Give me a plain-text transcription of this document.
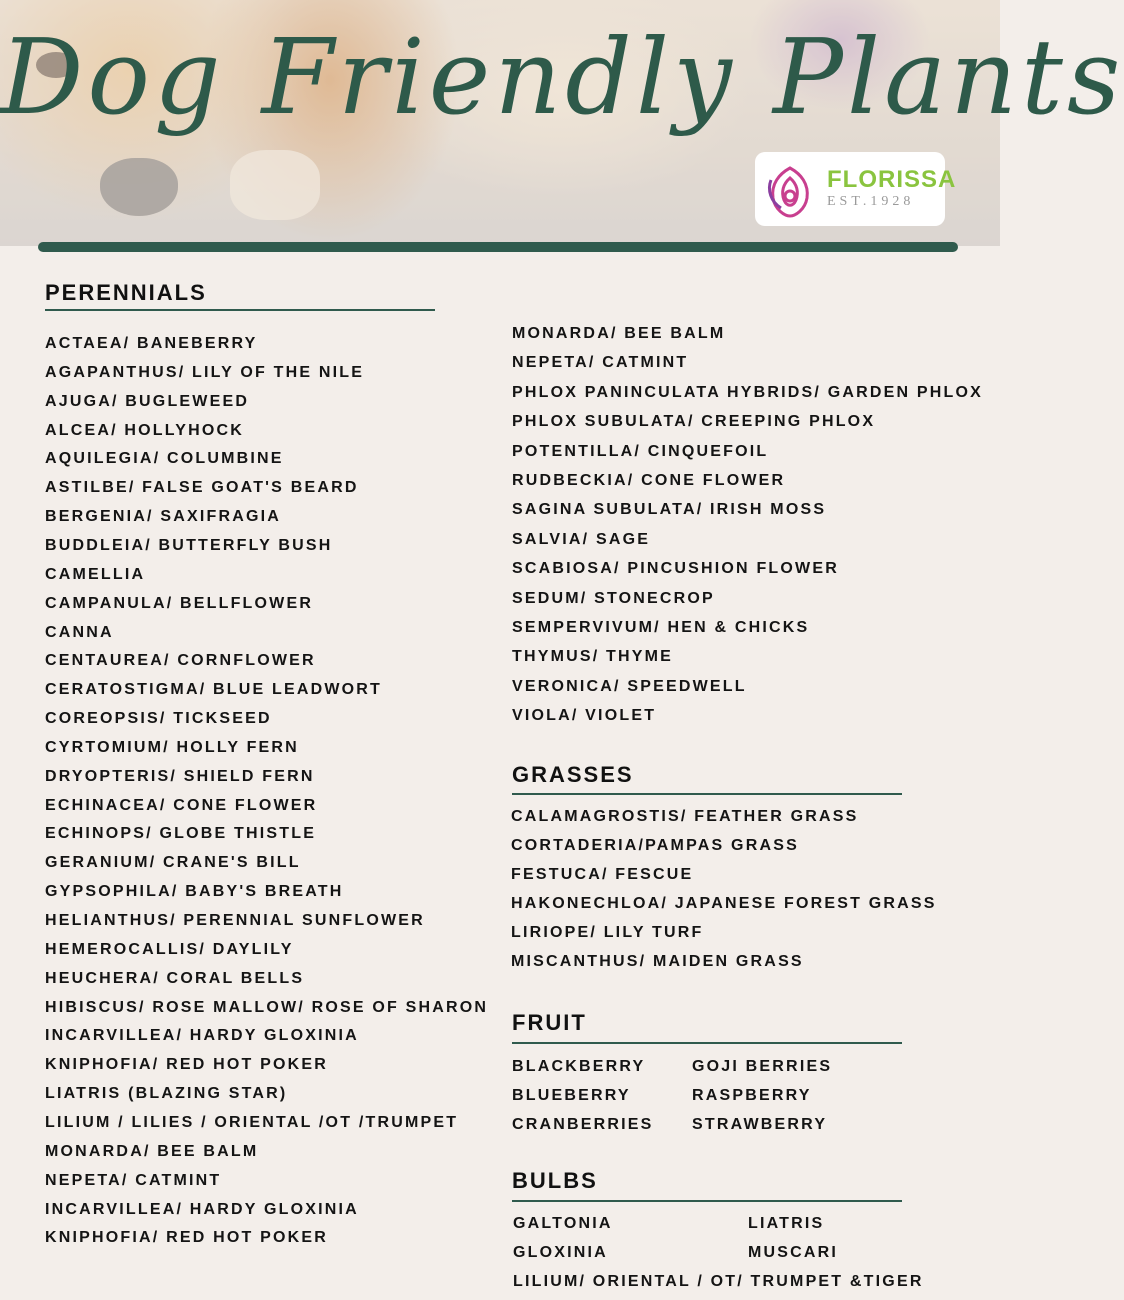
Dog Friendly Plants
FLORISSA
EST.1928
PERENNIALS
ACTAEA/ BANEBERRY
AGAPANTHUS/ LILY OF THE NILE
AJUGA/ BUGLEWEED
ALCEA/ HOLLYHOCK
AQUILEGIA/ COLUMBINE
ASTILBE/ FALSE GOAT'S BEARD
BERGENIA/ SAXIFRAGIA
BUDDLEIA/ BUTTERFLY BUSH
CAMELLIA
CAMPANULA/ BELLFLOWER
CANNA
CENTAUREA/ CORNFLOWER
CERATOSTIGMA/ BLUE LEADWORT
COREOPSIS/ TICKSEED
CYRTOMIUM/ HOLLY FERN
DRYOPTERIS/ SHIELD FERN
ECHINACEA/ CONE FLOWER
ECHINOPS/ GLOBE THISTLE
GERANIUM/ CRANE'S BILL
GYPSOPHILA/ BABY'S BREATH
HELIANTHUS/ PERENNIAL SUNFLOWER
HEMEROCALLIS/ DAYLILY
HEUCHERA/ CORAL BELLS
HIBISCUS/ ROSE MALLOW/ ROSE OF SHARON
INCARVILLEA/ HARDY GLOXINIA
KNIPHOFIA/ RED HOT POKER
LIATRIS (BLAZING STAR)
LILIUM / LILIES / ORIENTAL /OT /TRUMPET
MONARDA/ BEE BALM
NEPETA/ CATMINT
INCARVILLEA/ HARDY GLOXINIA
KNIPHOFIA/ RED HOT POKER
MONARDA/ BEE BALM
NEPETA/ CATMINT
PHLOX PANINCULATA HYBRIDS/ GARDEN PHLOX
PHLOX SUBULATA/ CREEPING PHLOX
POTENTILLA/ CINQUEFOIL
RUDBECKIA/ CONE FLOWER
SAGINA SUBULATA/ IRISH MOSS
SALVIA/ SAGE
SCABIOSA/ PINCUSHION FLOWER
SEDUM/ STONECROP
SEMPERVIVUM/ HEN & CHICKS
THYMUS/ THYME
VERONICA/ SPEEDWELL
VIOLA/ VIOLET
GRASSES
CALAMAGROSTIS/ FEATHER GRASS
CORTADERIA/PAMPAS GRASS
FESTUCA/ FESCUE
HAKONECHLOA/ JAPANESE FOREST GRASS
LIRIOPE/ LILY TURF
MISCANTHUS/ MAIDEN GRASS
FRUIT
BLACKBERRY
BLUEBERRY
CRANBERRIES
GOJI BERRIES
RASPBERRY
STRAWBERRY
BULBS
GALTONIA
GLOXINIA
LIATRIS
MUSCARI
LILIUM/ ORIENTAL / OT/ TRUMPET &TIGER
